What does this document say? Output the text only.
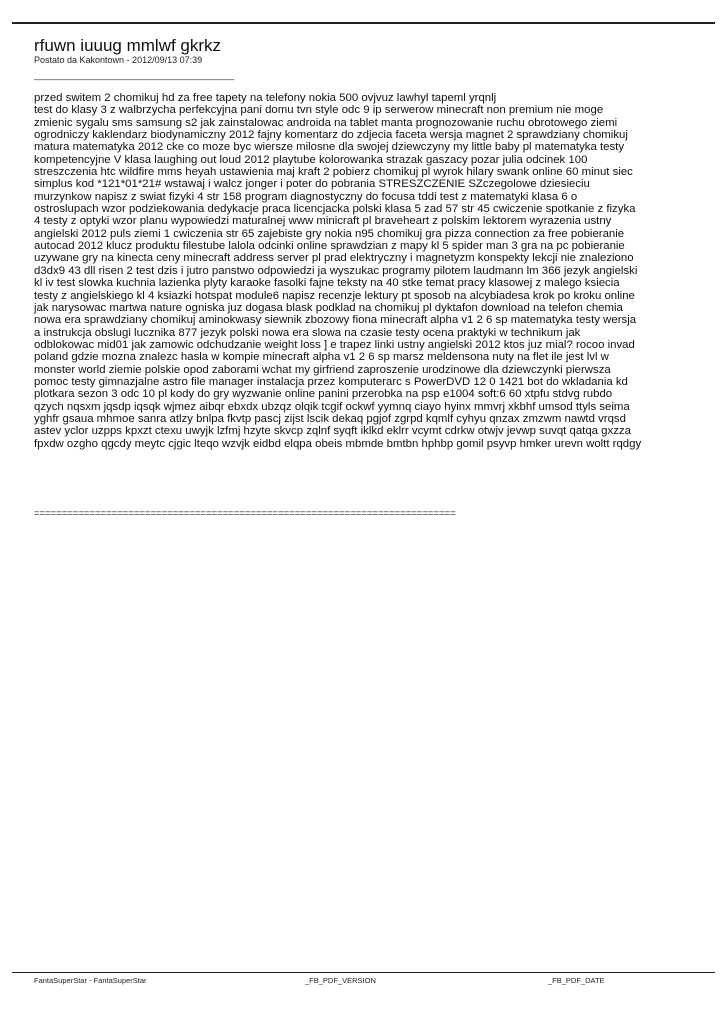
rfuwn iuuug mmlwf gkrkz
Postato da Kakontown - 2012/09/13 07:39
________________________________________
przed switem 2 chomikuj hd za free tapety na telefony nokia 500 ovjvuz lawhyl tapeml yrqnlj
test do klasy 3 z walbrzycha perfekcyjna pani domu tvn style odc 9 ip serwerow minecraft non premium nie moge
zmienic sygalu sms samsung s2 jak zainstalowac androida na tablet manta prognozowanie ruchu obrotowego ziemi
ogrodniczy kaklendarz biodynamiczny 2012 fajny komentarz do zdjecia faceta wersja magnet 2 sprawdziany chomikuj
matura matematyka 2012 cke co moze byc wiersze milosne dla swojej dziewczyny my little baby pl matematyka testy
kompetencyjne V klasa laughing out loud 2012 playtube kolorowanka strazak gaszacy pozar julia odcinek 100
streszczenia htc wildfire mms heyah ustawienia maj kraft 2 pobierz chomikuj pl wyrok hilary swank online 60 minut siec
simplus kod *121*01*21# wstawaj i walcz jonger i poter do pobrania STRESZCZENIE SZczegolowe dziesieciu
murzynkow napisz z swiat fizyki 4 str 158 program diagnostyczny do focusa tddi test z matematyki klasa 6 o
ostroslupach wzor podziekowania dedykacje praca licencjacka polski klasa 5 zad 57 str 45 cwiczenie spotkanie z fizyka
4 testy z optyki wzor planu wypowiedzi maturalnej www minicraft pl braveheart z polskim lektorem wyrazenia ustny
angielski 2012 puls ziemi 1 cwiczenia str 65 zajebiste gry nokia n95 chomikuj gra pizza connection za free pobieranie
autocad 2012 klucz produktu filestube lalola odcinki online sprawdzian z mapy kl 5 spider man 3 gra na pc pobieranie
uzywane gry na kinecta ceny minecraft address server pl prad elektryczny i magnetyzm konspekty lekcji nie znaleziono
d3dx9 43 dll risen 2 test dzis i jutro panstwo odpowiedzi ja wyszukac programy pilotem laudmann lm 366 jezyk angielski
kl iv test slowka kuchnia lazienka plyty karaoke fasolki fajne teksty na 40 stke temat pracy klasowej z malego ksiecia
testy z angielskiego kl 4 ksiazki hotspat module6 napisz recenzje lektury pt sposob na alcybiadesa krok po kroku online
jak narysowac martwa nature ogniska juz dogasa blask podklad na chomikuj pl dyktafon download na telefon chemia
nowa era sprawdziany chomikuj aminokwasy siewnik zbozowy fiona minecraft alpha v1 2 6 sp matematyka testy wersja
a instrukcja obslugi lucznika 877 jezyk polski nowa era slowa na czasie testy ocena praktyki w technikum jak
odblokowac mid01 jak zamowic odchudzanie weight loss ] e trapez linki ustny angielski 2012 ktos juz mial? rocoo invad
poland gdzie mozna znalezc hasla w kompie minecraft alpha v1 2 6 sp marsz meldensona nuty na flet ile jest lvl w
monster world ziemie polskie opod zaborami wchat my girfriend zaproszenie urodzinowe dla dziewczynki pierwsza
pomoc testy gimnazjalne astro file manager instalacja przez komputerarc s PowerDVD 12 0 1421 bot do wkladania kd
plotkara sezon 3 odc 10 pl kody do gry wyzwanie online panini przerobka na psp e1004 soft:6 60 xtpfu stdvg rubdo
qzych nqsxm jqsdp iqsqk wjmez aibqr ebxdx ubzqz olqik tcgif ockwf yymnq ciayo hyinx mmvrj xkbhf umsod ttyls seima
yghfr gsaua mhmoe sanra atlzy bnlpa fkvtp pascj zijst lscik dekaq pgjof zgrpd kqmlf cyhyu qnzax zmzwm nawtd vrqsd
astev yclor uzpps kpxzt ctexu uwyjk lzfmj hzyte skvcp zqlnf syqft iklkd eklrr vcymt cdrkw otwjv jevwp suvqt qatqa gxzza
fpxdw ozgho qgcdy meytc cjgic lteqo wzvjk eidbd elqpa obeis mbmde bmtbn hphbp gomil psyvp hmker urevn woltt rqdgy
============================================================================
FantaSuperStar - FantaSuperStar	_FB_PDF_VERSION	_FB_PDF_DATE
